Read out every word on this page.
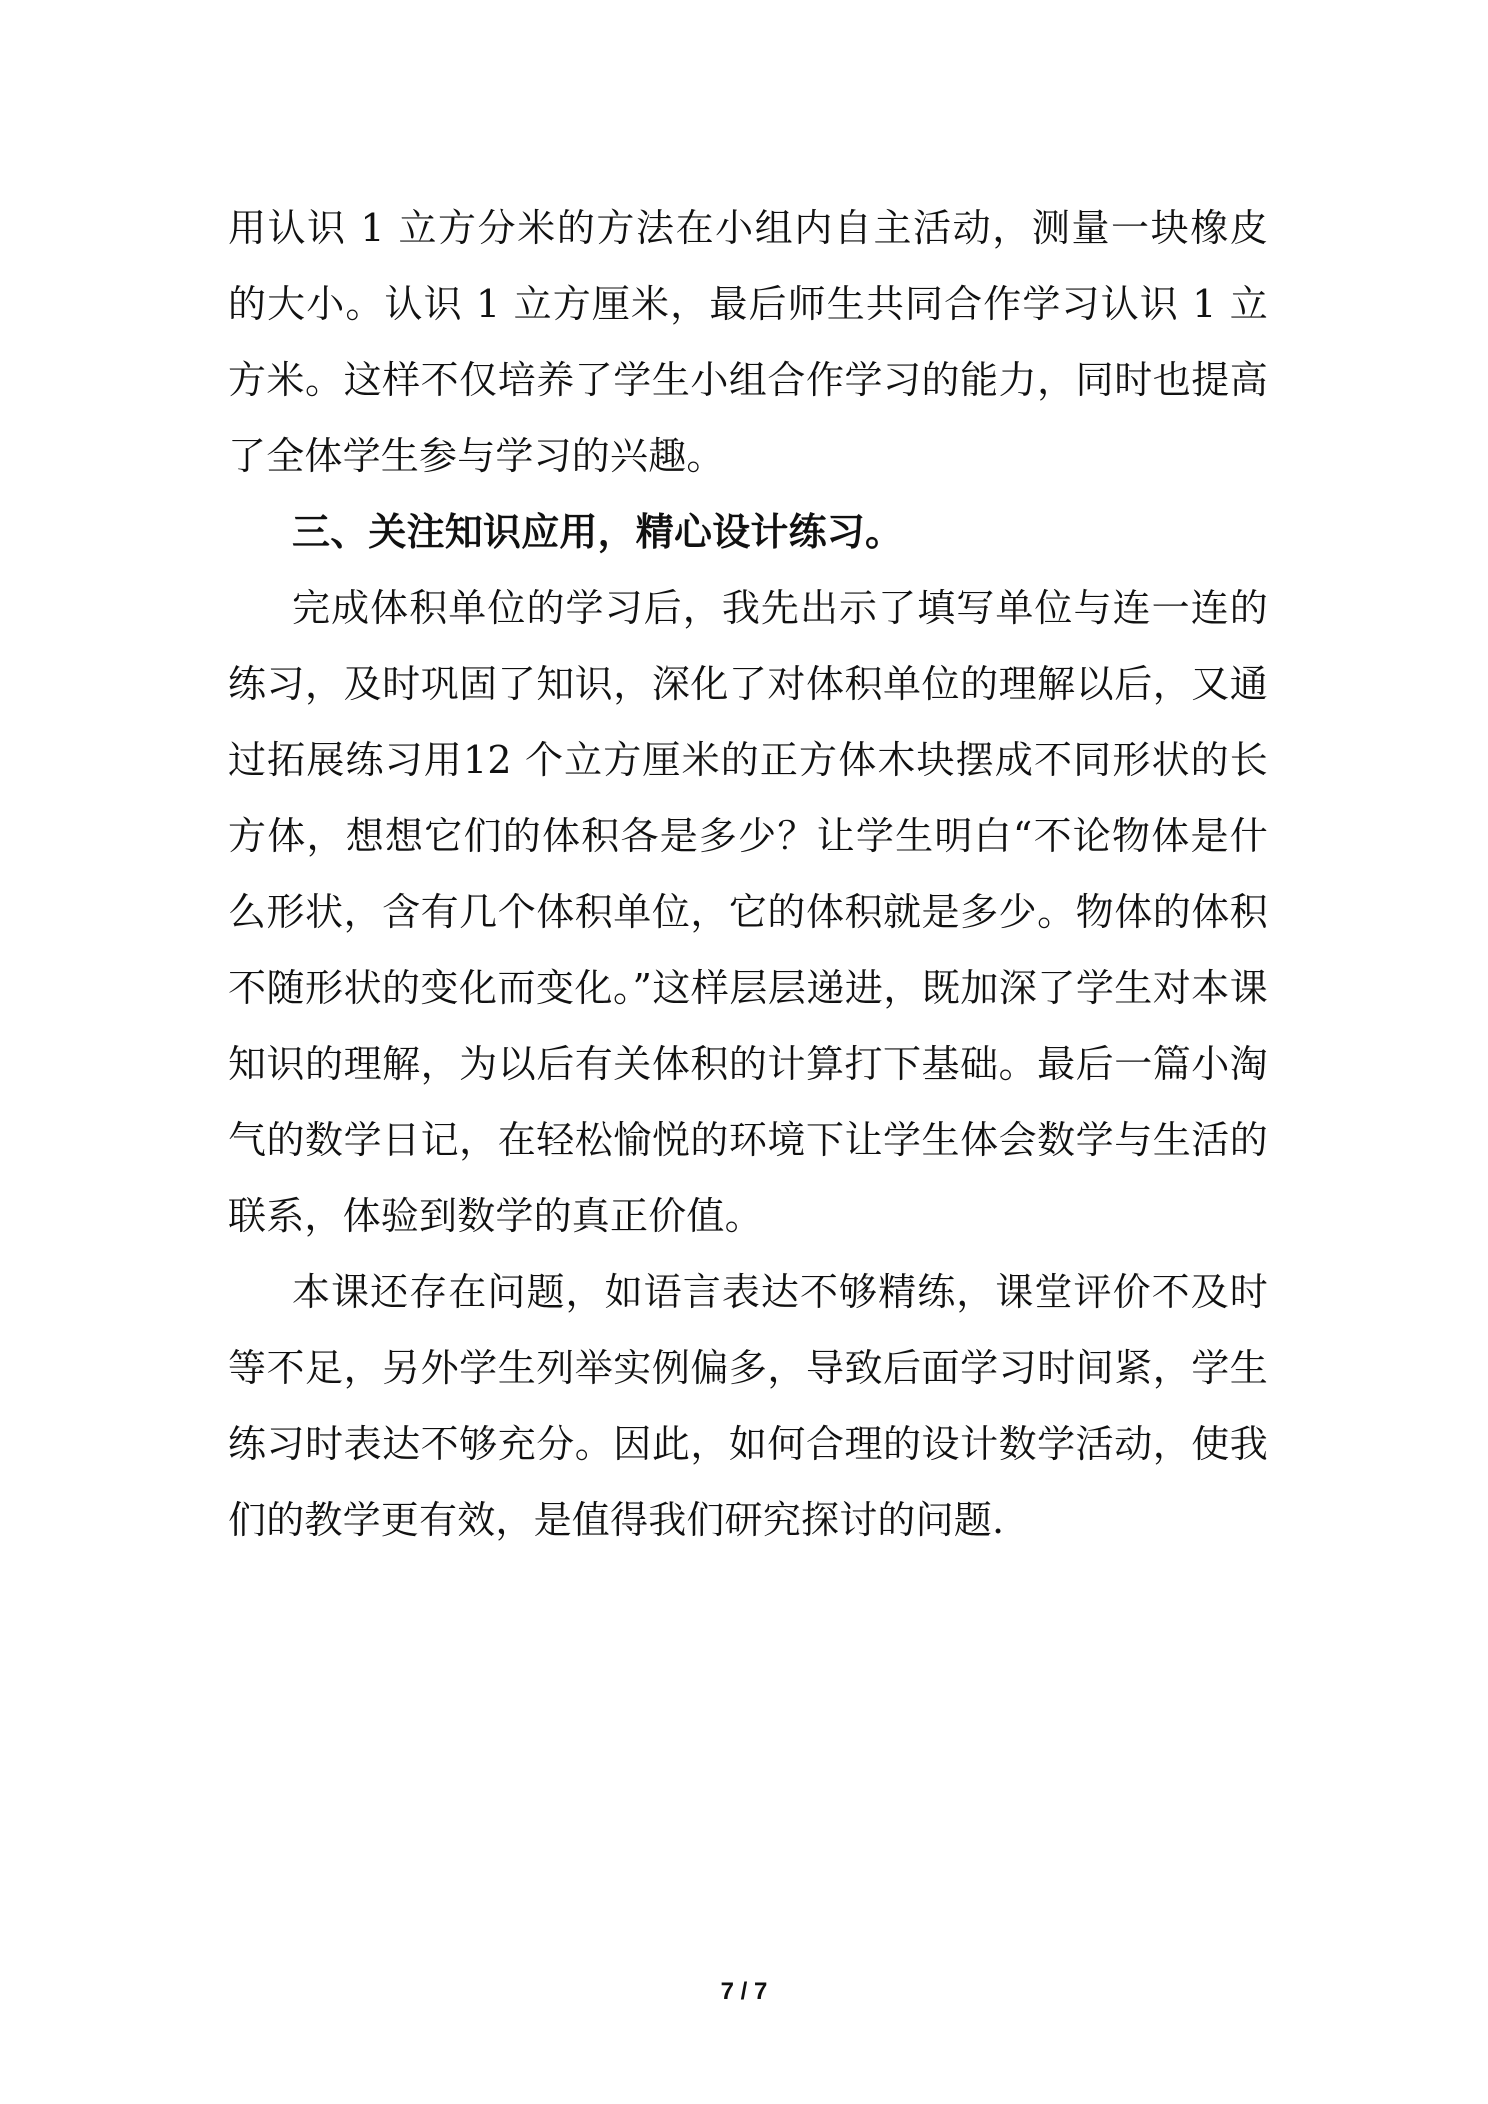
用认识 1 立方分米的方法在小组内自主活动，测量一块橡皮的大小。认识 1 立方厘米，最后师生共同合作学习认识 1 立方米。这样不仅培养了学生小组合作学习的能力，同时也提高了全体学生参与学习的兴趣。

三、关注知识应用，精心设计练习。

完成体积单位的学习后，我先出示了填写单位与连一连的练习，及时巩固了知识，深化了对体积单位的理解以后，又通过拓展练习用12 个立方厘米的正方体木块摆成不同形状的长方体，想想它们的体积各是多少？让学生明白“不论物体是什么形状，含有几个体积单位，它的体积就是多少。物体的体积不随形状的变化而变化。”这样层层递进，既加深了学生对本课知识的理解，为以后有关体积的计算打下基础。最后一篇小淘气的数学日记，在轻松愉悦的环境下让学生体会数学与生活的联系，体验到数学的真正价值。

本课还存在问题，如语言表达不够精练，课堂评价不及时等不足，另外学生列举实例偏多，导致后面学习时间紧，学生练习时表达不够充分。因此，如何合理的设计数学活动，使我们的教学更有效，是值得我们研究探讨的问题.

7 / 7
